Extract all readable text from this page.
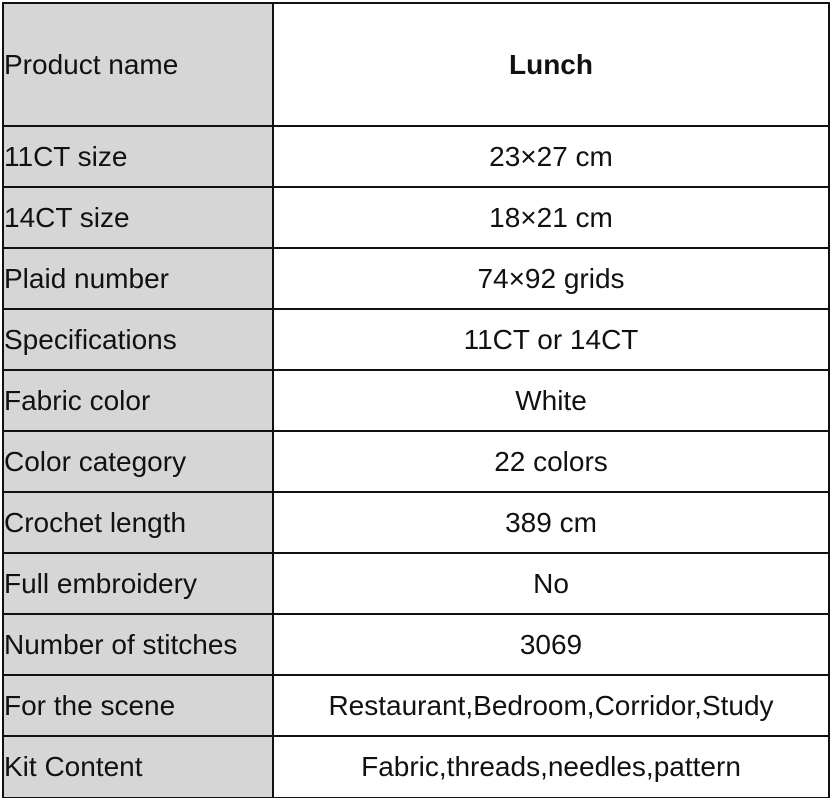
Product name	Lunch
11CT size	23×27 cm
14CT size	18×21 cm
Plaid number	74×92 grids
Specifications	11CT or 14CT
Fabric color	White
Color category	22 colors
Crochet length	389 cm
Full embroidery	No
Number of stitches	3069
For the scene	Restaurant,Bedroom,Corridor,Study
Kit Content	Fabric,threads,needles,pattern
